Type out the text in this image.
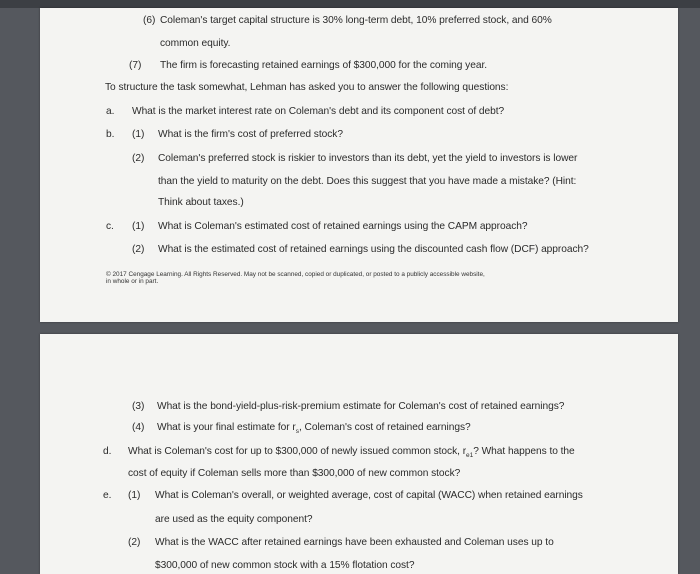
(6) Coleman's target capital structure is 30% long-term debt, 10% preferred stock, and 60%
common equity.
(7) The firm is forecasting retained earnings of $300,000 for the coming year.
To structure the task somewhat, Lehman has asked you to answer the following questions:
a. What is the market interest rate on Coleman's debt and its component cost of debt?
b. (1) What is the firm's cost of preferred stock?
(2) Coleman's preferred stock is riskier to investors than its debt, yet the yield to investors is lower
than the yield to maturity on the debt. Does this suggest that you have made a mistake? (Hint:
Think about taxes.)
c. (1) What is Coleman's estimated cost of retained earnings using the CAPM approach?
(2) What is the estimated cost of retained earnings using the discounted cash flow (DCF) approach?
© 2017 Cengage Learning. All Rights Reserved. May not be scanned, copied or duplicated, or posted to a publicly accessible website,
in whole or in part.
(3) What is the bond-yield-plus-risk-premium estimate for Coleman's cost of retained earnings?
(4) What is your final estimate for $r_s$, Coleman's cost of retained earnings?
d. What is Coleman's cost for up to $300,000 of newly issued common stock, $r_{e1}$? What happens to the
cost of equity if Coleman sells more than $300,000 of new common stock?
e. (1) What is Coleman's overall, or weighted average, cost of capital (WACC) when retained earnings
are used as the equity component?
(2) What is the WACC after retained earnings have been exhausted and Coleman uses up to
$300,000 of new common stock with a 15% flotation cost?
